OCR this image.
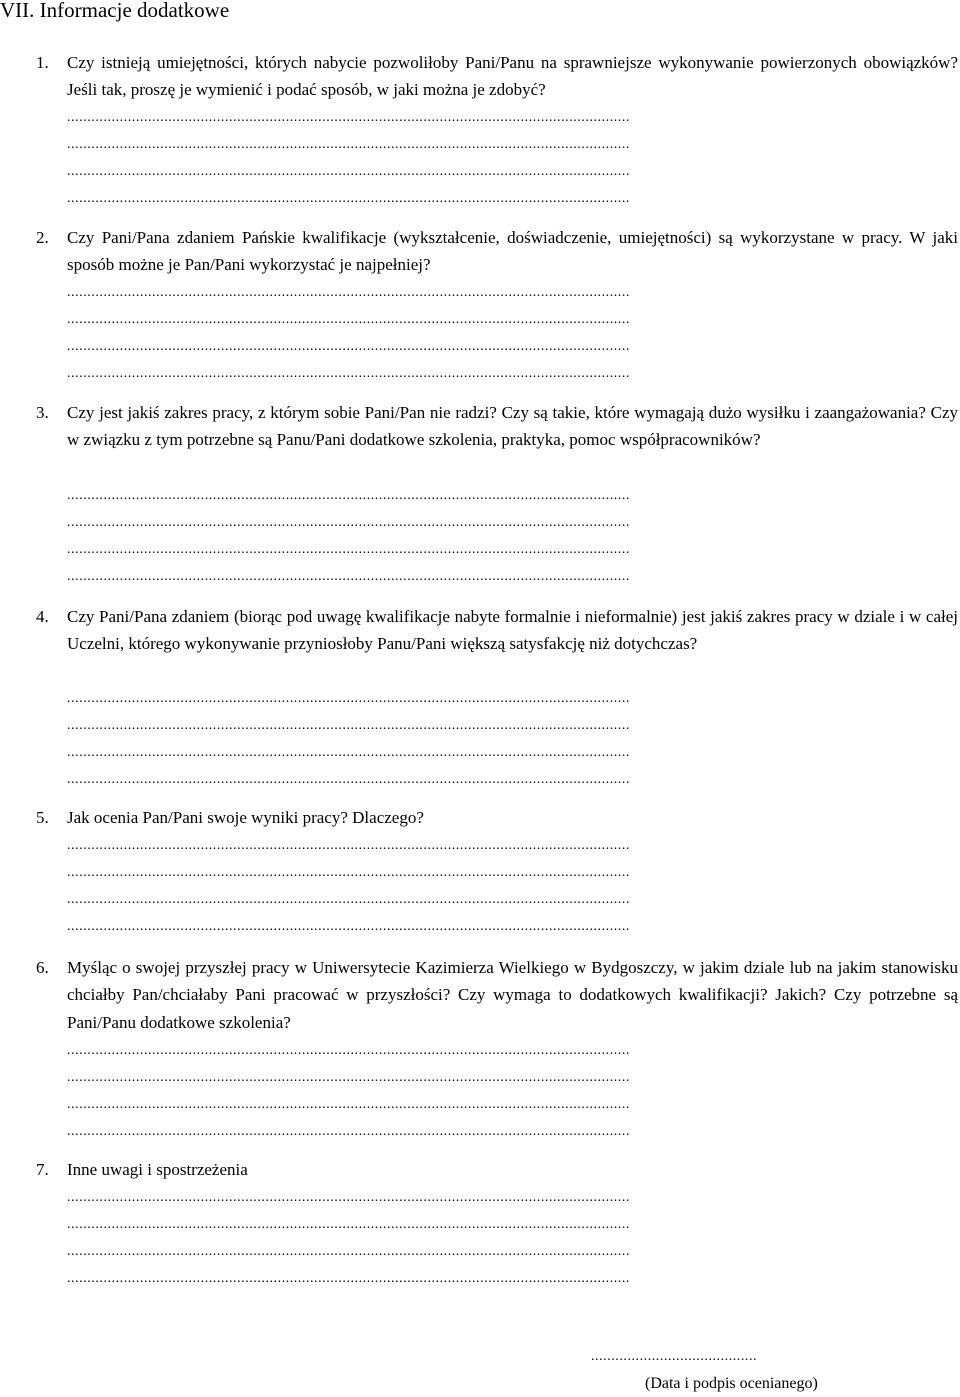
VII. Informacje dodatkowe
1. Czy istnieją umiejętności, których nabycie pozwoliłoby Pani/Panu na sprawniejsze wykonywanie powierzonych obowiązków? Jeśli tak, proszę je wymienić i podać sposób, w jaki można je zdobyć?
...........................................................................................................................................
...........................................................................................................................................
...........................................................................................................................................
...........................................................................................................................................
2. Czy Pani/Pana zdaniem Pańskie kwalifikacje (wykształcenie, doświadczenie, umiejętności) są wykorzystane w pracy. W jaki sposób możne je Pan/Pani wykorzystać je najpełniej?
...........................................................................................................................................
...........................................................................................................................................
...........................................................................................................................................
...........................................................................................................................................
3. Czy jest jakiś zakres pracy, z którym sobie Pani/Pan nie radzi? Czy są takie, które wymagają dużo wysiłku i zaangażowania? Czy w związku z tym potrzebne są Panu/Pani dodatkowe szkolenia, praktyka, pomoc współpracowników?
...........................................................................................................................................
...........................................................................................................................................
...........................................................................................................................................
...........................................................................................................................................
4. Czy Pani/Pana zdaniem (biorąc pod uwagę kwalifikacje nabyte formalnie i nieformalnie) jest jakiś zakres pracy w dziale i w całej Uczelni, którego wykonywanie przyniosłoby Panu/Pani większą satysfakcję niż dotychczas?
...........................................................................................................................................
...........................................................................................................................................
...........................................................................................................................................
...........................................................................................................................................
5. Jak ocenia Pan/Pani swoje wyniki pracy? Dlaczego?
...........................................................................................................................................
...........................................................................................................................................
...........................................................................................................................................
...........................................................................................................................................
6. Myśląc o swojej przyszłej pracy w Uniwersytecie Kazimierza Wielkiego w Bydgoszczy, w jakim dziale lub na jakim stanowisku chciałby Pan/chciałaby Pani pracować w przyszłości? Czy wymaga to dodatkowych kwalifikacji? Jakich? Czy potrzebne są Pani/Panu dodatkowe szkolenia?
...........................................................................................................................................
...........................................................................................................................................
...........................................................................................................................................
...........................................................................................................................................
7. Inne uwagi i spostrzeżenia
...........................................................................................................................................
...........................................................................................................................................
...........................................................................................................................................
...........................................................................................................................................
.........................................
(Data i podpis ocenianego)
